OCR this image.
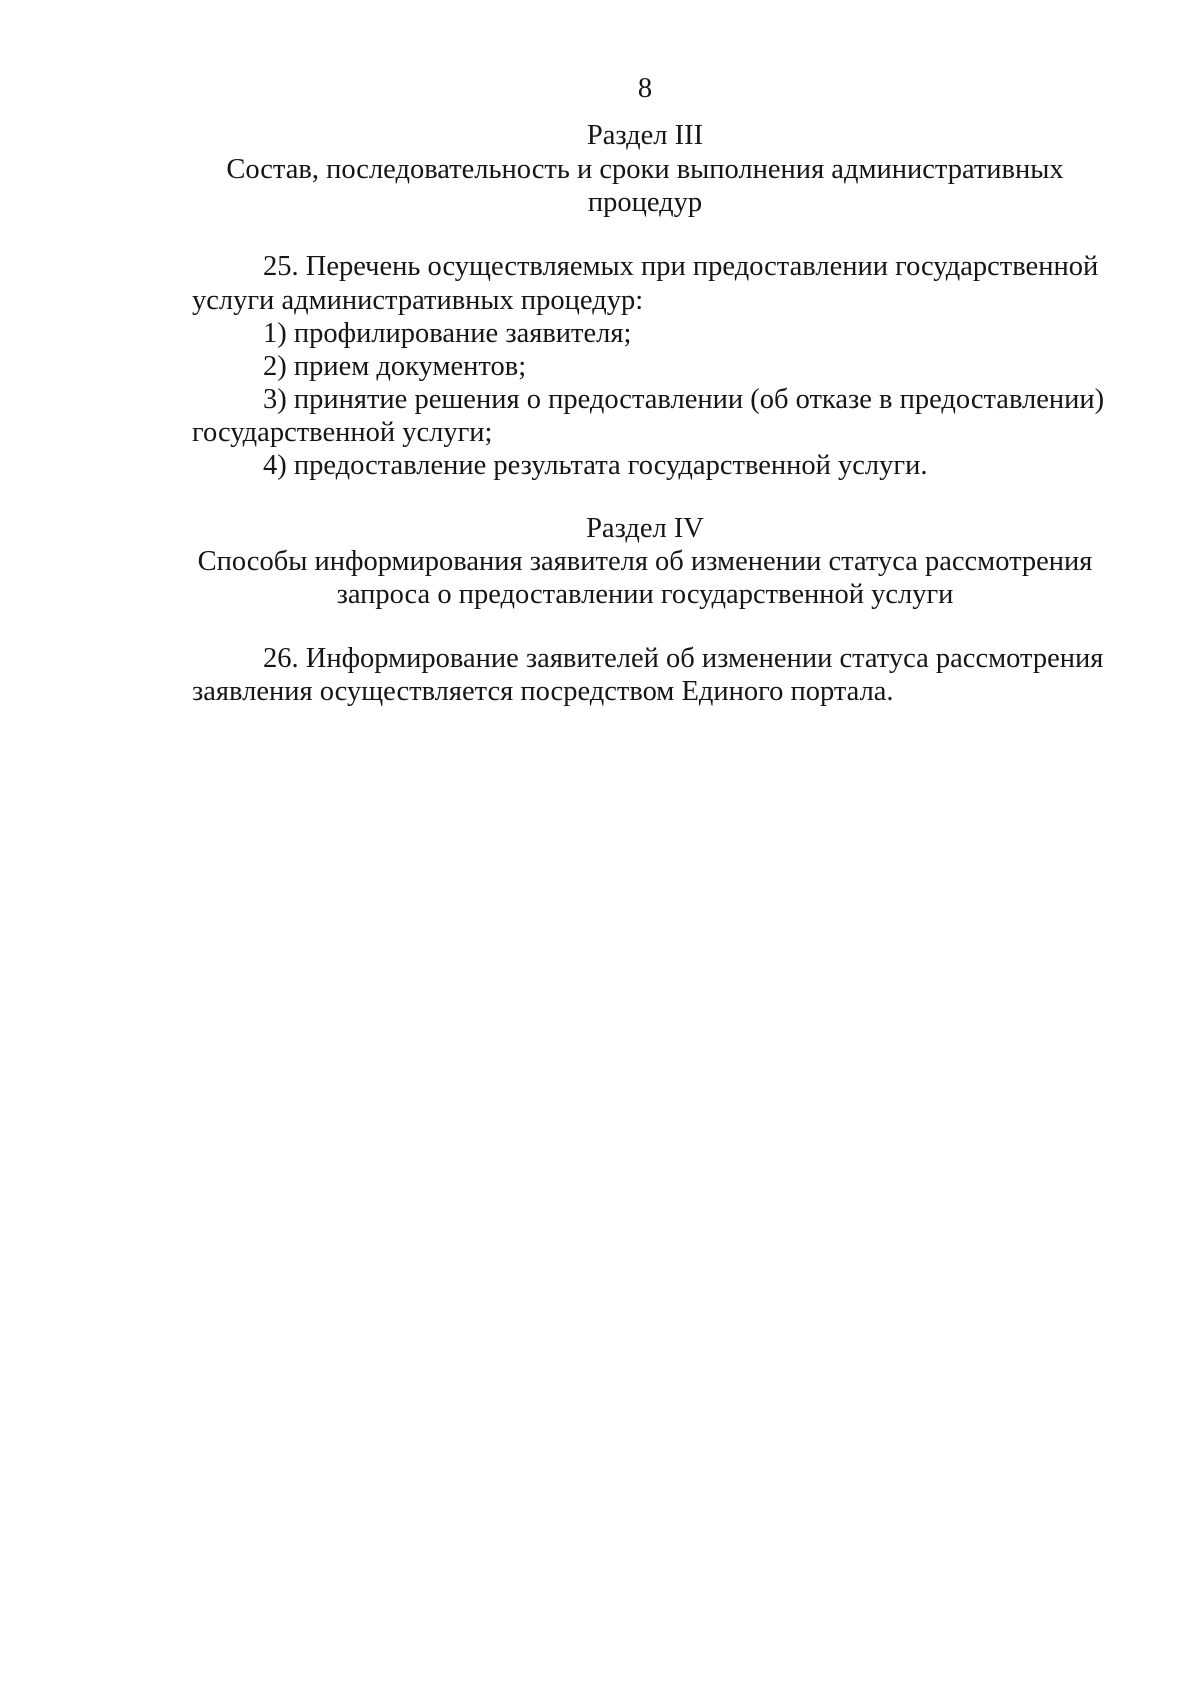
8
Раздел III
Состав, последовательность и сроки выполнения административных
процедур
25. Перечень осуществляемых при предоставлении государственной
услуги административных процедур:
1) профилирование заявителя;
2) прием документов;
3) принятие решения о предоставлении (об отказе в предоставлении)
государственной услуги;
4) предоставление результата государственной услуги.
Раздел IV
Способы информирования заявителя об изменении статуса рассмотрения
запроса о предоставлении государственной услуги
26. Информирование заявителей об изменении статуса рассмотрения
заявления осуществляется посредством Единого портала.
